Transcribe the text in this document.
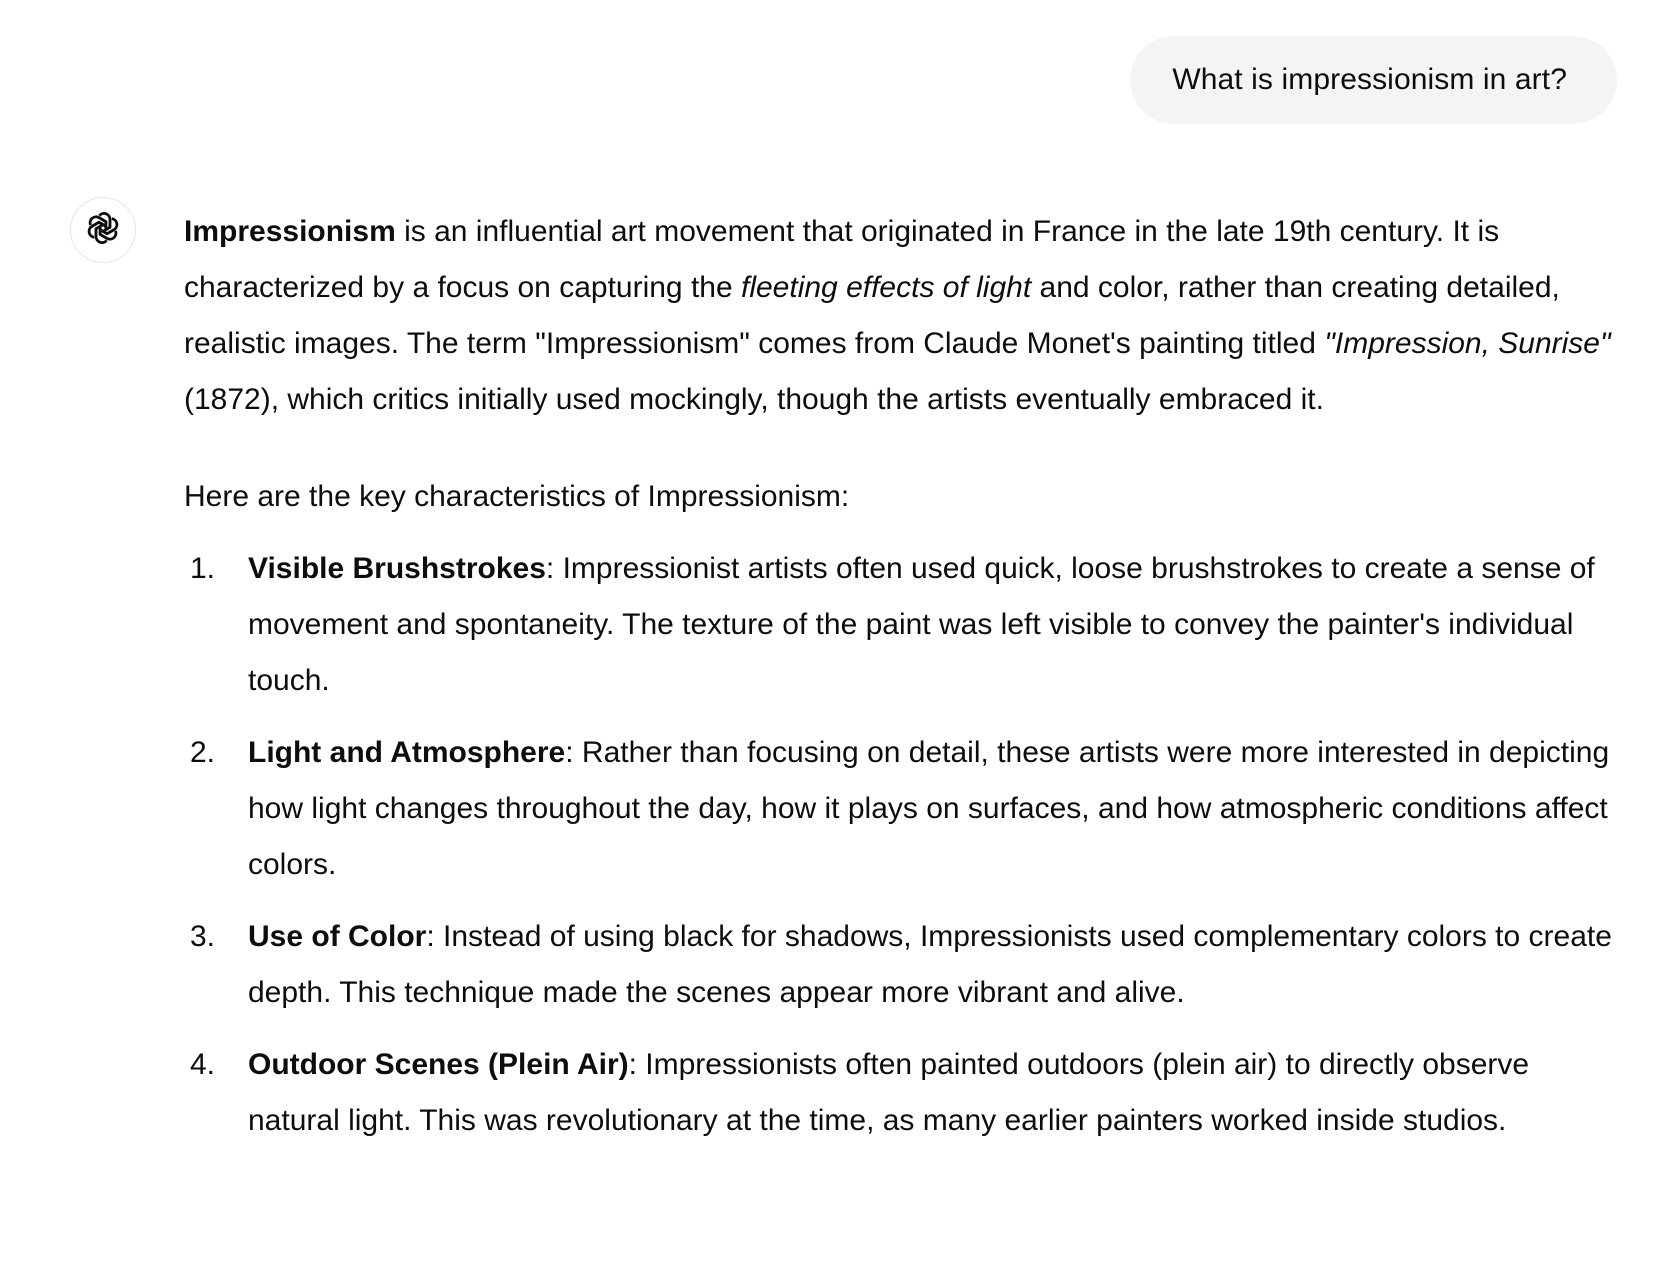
What is impressionism in art?

Impressionism is an influential art movement that originated in France in the late 19th century. It is characterized by a focus on capturing the fleeting effects of light and color, rather than creating detailed, realistic images. The term "Impressionism" comes from Claude Monet's painting titled "Impression, Sunrise" (1872), which critics initially used mockingly, though the artists eventually embraced it.

Here are the key characteristics of Impressionism:

1. Visible Brushstrokes: Impressionist artists often used quick, loose brushstrokes to create a sense of movement and spontaneity. The texture of the paint was left visible to convey the painter's individual touch.
2. Light and Atmosphere: Rather than focusing on detail, these artists were more interested in depicting how light changes throughout the day, how it plays on surfaces, and how atmospheric conditions affect colors.
3. Use of Color: Instead of using black for shadows, Impressionists used complementary colors to create depth. This technique made the scenes appear more vibrant and alive.
4. Outdoor Scenes (Plein Air): Impressionists often painted outdoors (plein air) to directly observe natural light. This was revolutionary at the time, as many earlier painters worked inside studios.
